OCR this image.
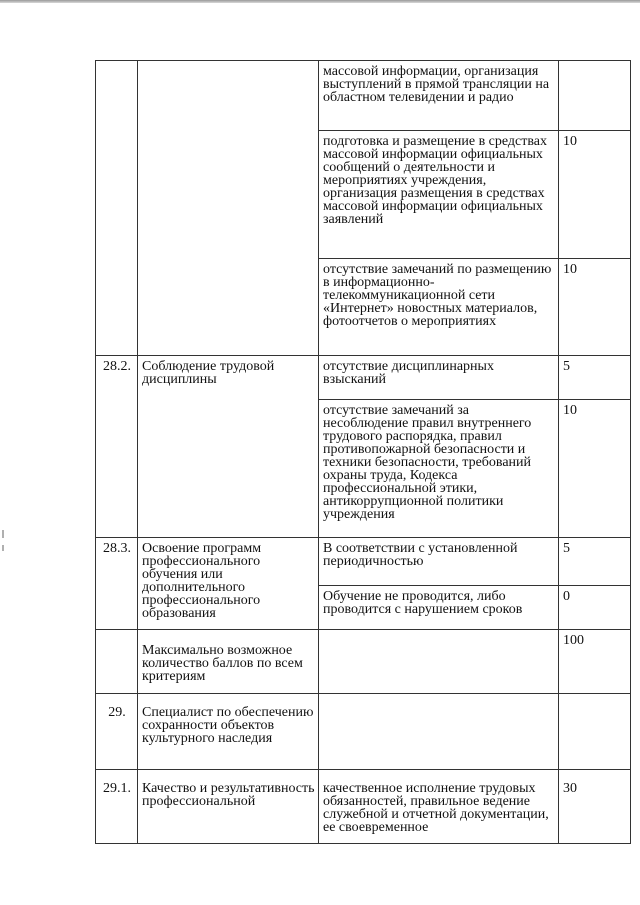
		массовой информации, организация выступлений в прямой трансляции на областном телевидении и радио	
		подготовка и размещение в средствах массовой информации официальных сообщений о деятельности и мероприятиях учреждения, организация размещения в средствах массовой информации официальных заявлений	10
		отсутствие замечаний по размещению в информационно-телекоммуникационной сети «Интернет» новостных материалов, фотоотчетов о мероприятиях	10
28.2.	Соблюдение трудовой дисциплины	отсутствие дисциплинарных взысканий	5
		отсутствие замечаний за несоблюдение правил внутреннего трудового распорядка, правил противопожарной безопасности и техники безопасности, требований охраны труда, Кодекса профессиональной этики, антикоррупционной политики учреждения	10
28.3.	Освоение программ профессионального обучения или дополнительного профессионального образования	В соответствии с установленной периодичностью	5
		Обучение не проводится, либо проводится с нарушением сроков	0
	Максимально возможное количество баллов по всем критериям		100
29.	Специалист по обеспечению сохранности объектов культурного наследия		
29.1.	Качество и результативность профессиональной	качественное исполнение трудовых обязанностей, правильное ведение служебной и отчетной документации, ее своевременное	30
